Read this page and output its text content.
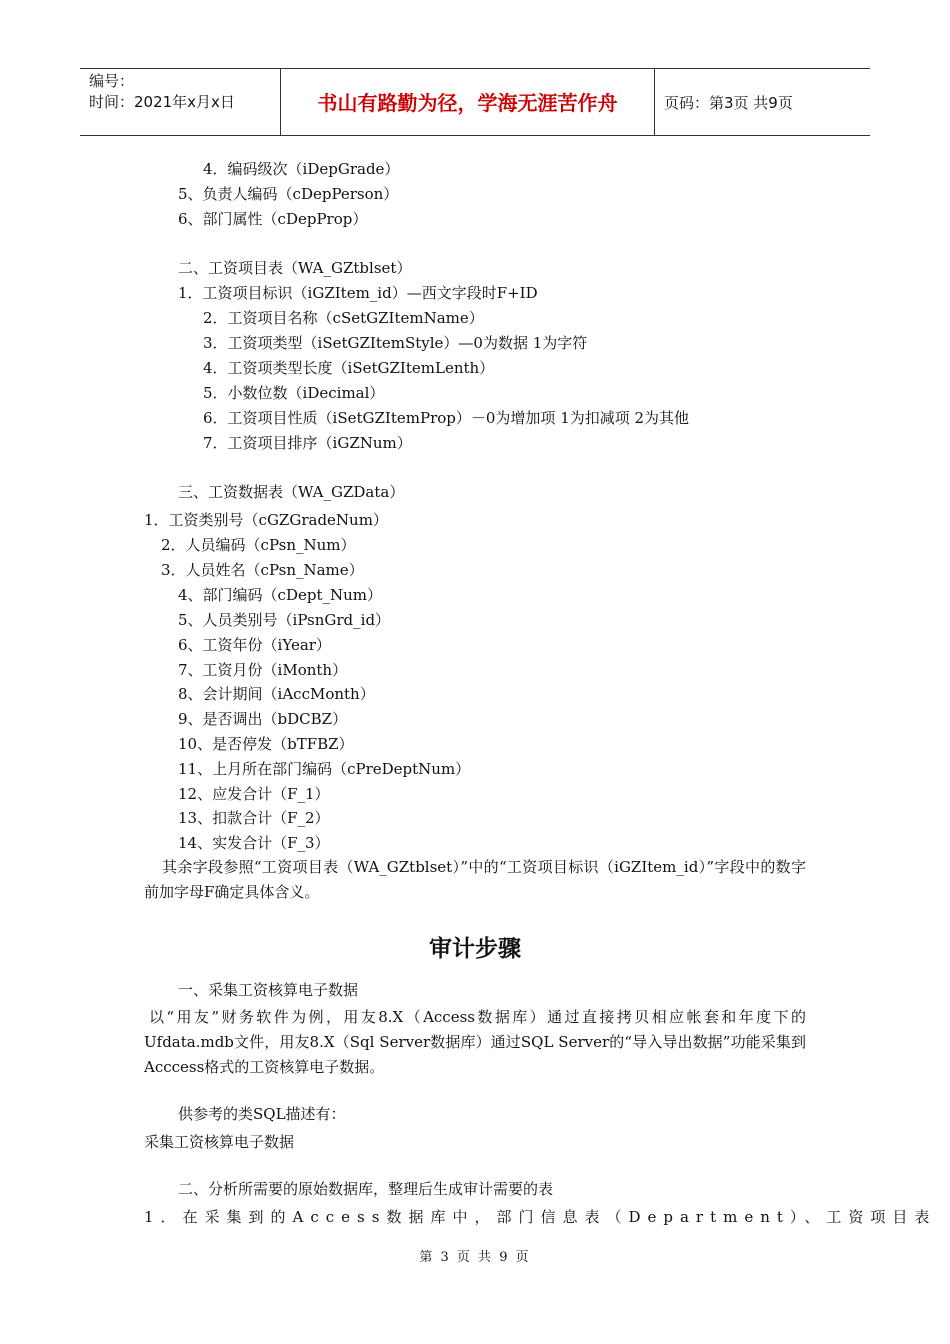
编号：
时间：2021年x月x日	书山有路勤为径，学海无涯苦作舟	页码：第3页 共9页
4．编码级次（iDepGrade）
5、负责人编码（cDepPerson）
6、部门属性（cDepProp）
二、工资项目表（WA_GZtblset）
1．工资项目标识（iGZItem_id）—西文字段时F+ID
2．工资项目名称（cSetGZItemName）
3．工资项类型（iSetGZItemStyle）—0为数据 1为字符
4．工资项类型长度（iSetGZItemLenth）
5．小数位数（iDecimal）
6．工资项目性质（iSetGZItemProp）－0为增加项 1为扣减项 2为其他
7．工资项目排序（iGZNum）
三、工资数据表（WA_GZData）
1．工资类别号（cGZGradeNum）
2．人员编码（cPsn_Num）
3．人员姓名（cPsn_Name）
4、部门编码（cDept_Num）
5、人员类别号（iPsnGrd_id）
6、工资年份（iYear）
7、工资月份（iMonth）
8、会计期间（iAccMonth）
9、是否调出（bDCBZ）
10、是否停发（bTFBZ）
11、上月所在部门编码（cPreDeptNum）
12、应发合计（F_1）
13、扣款合计（F_2）
14、实发合计（F_3）
其余字段参照“工资项目表（WA_GZtblset）”中的“工资项目标识（iGZItem_id）”字段中的数字前加字母F确定具体含义。
审计步骤
一、采集工资核算电子数据
以“用友”财务软件为例，用友8.X（Access数据库）通过直接拷贝相应帐套和年度下的Ufdata.mdb文件，用友8.X（Sql Server数据库）通过SQL Server的“导入导出数据”功能采集到Acccess格式的工资核算电子数据。
供参考的类SQL描述有：
采集工资核算电子数据
二、分析所需要的原始数据库，整理后生成审计需要的表
1．在采集到的Access数据库中，部门信息表（Department）、工资项目表
第 3 页 共 9 页
